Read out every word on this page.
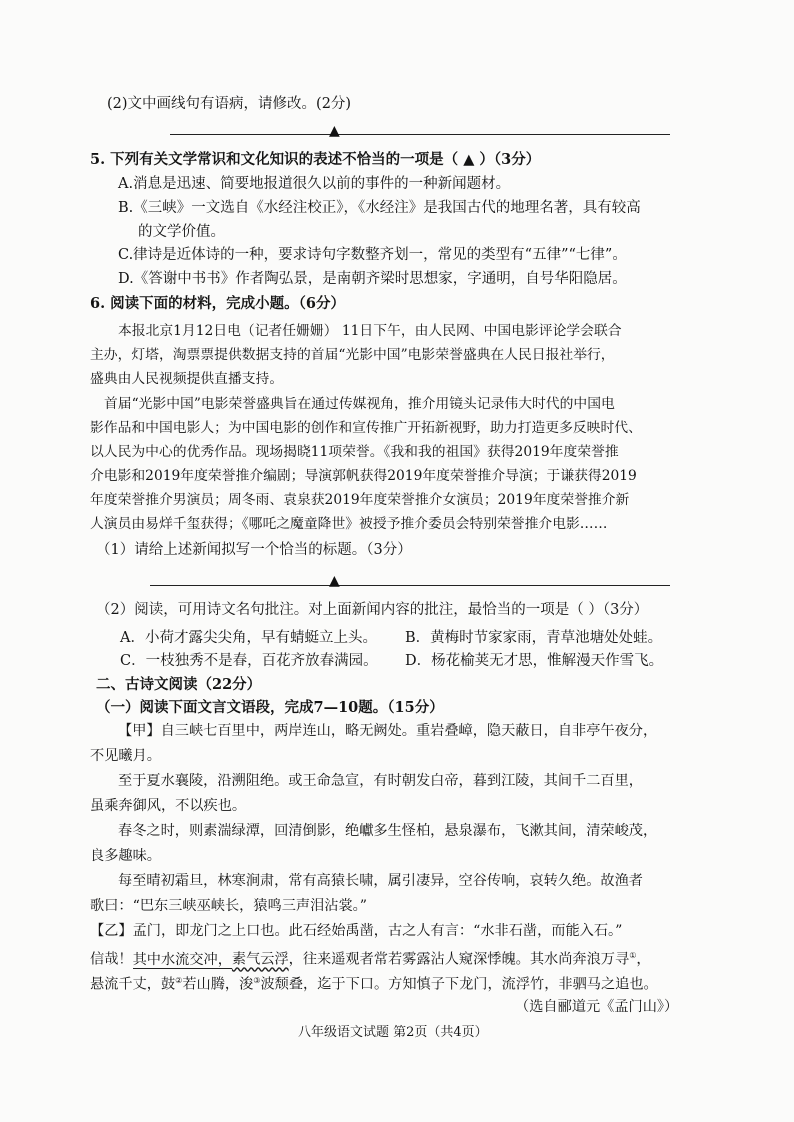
(2)文中画线句有语病，请修改。(2分)
▲
5. 下列有关文学常识和文化知识的表述不恰当的一项是（ ▲ ）（3分）
A.消息是迅速、简要地报道很久以前的事件的一种新闻题材。
B.《三峡》一文选自《水经注校正》，《水经注》是我国古代的地理名著，具有较高
的文学价值。
C.律诗是近体诗的一种，要求诗句字数整齐划一，常见的类型有“五律”“七律”。
D.《答谢中书书》作者陶弘景，是南朝齐梁时思想家，字通明，自号华阳隐居。
6. 阅读下面的材料，完成小题。（6分）
本报北京1月12日电（记者任姗姗） 11日下午，由人民网、中国电影评论学会联合
主办，灯塔，淘票票提供数据支持的首届“光影中国”电影荣誉盛典在人民日报社举行，
盛典由人民视频提供直播支持。
首届“光影中国”电影荣誉盛典旨在通过传媒视角，推介用镜头记录伟大时代的中国电
影作品和中国电影人；为中国电影的创作和宣传推广开拓新视野，助力打造更多反映时代、
以人民为中心的优秀作品。现场揭晓11项荣誉。《我和我的祖国》获得2019年度荣誉推
介电影和2019年度荣誉推介编剧；导演郭帆获得2019年度荣誉推介导演；于谦获得2019
年度荣誉推介男演员；周冬雨、袁泉获2019年度荣誉推介女演员；2019年度荣誉推介新
人演员由易烊千玺获得；《哪吒之魔童降世》被授予推介委员会特别荣誉推介电影……
（1）请给上述新闻拟写一个恰当的标题。（3分）
▲
（2）阅读，可用诗文名句批注。对上面新闻内容的批注，最恰当的一项是（ ）（3分）
A．小荷才露尖尖角，早有蜻蜓立上头。 B．黄梅时节家家雨，青草池塘处处蛙。
C．一枝独秀不是春，百花齐放春满园。 D．杨花榆荚无才思，惟解漫天作雪飞。
二、古诗文阅读（22分）
（一）阅读下面文言文语段，完成7—10题。（15分）
【甲】自三峡七百里中，两岸连山，略无阙处。重岩叠嶂，隐天蔽日，自非亭午夜分，
不见曦月。
至于夏水襄陵，沿溯阻绝。或王命急宣，有时朝发白帝，暮到江陵，其间千二百里，
虽乘奔御风，不以疾也。
春冬之时，则素湍绿潭，回清倒影，绝巘多生怪柏，悬泉瀑布，飞漱其间，清荣峻茂，
良多趣味。
每至晴初霜旦，林寒涧肃，常有高猿长啸，属引凄异，空谷传响，哀转久绝。故渔者
歌曰：“巴东三峡巫峡长，猿鸣三声泪沾裳。”
【乙】孟门，即龙门之上口也。此石经始禹凿，古之人有言：“水非石凿，而能入石。”
信哉！其中水流交冲，素气云浮，往来遥观者常若雾露沾人窥深悸魄。其水尚奔浪万寻①，
悬流千丈，鼓②若山腾，浚③波颓叠，迄于下口。方知慎子下龙门，流浮竹，非驷马之追也。
（选自郦道元《孟门山》）
八年级语文试题 第2页（共4页）
